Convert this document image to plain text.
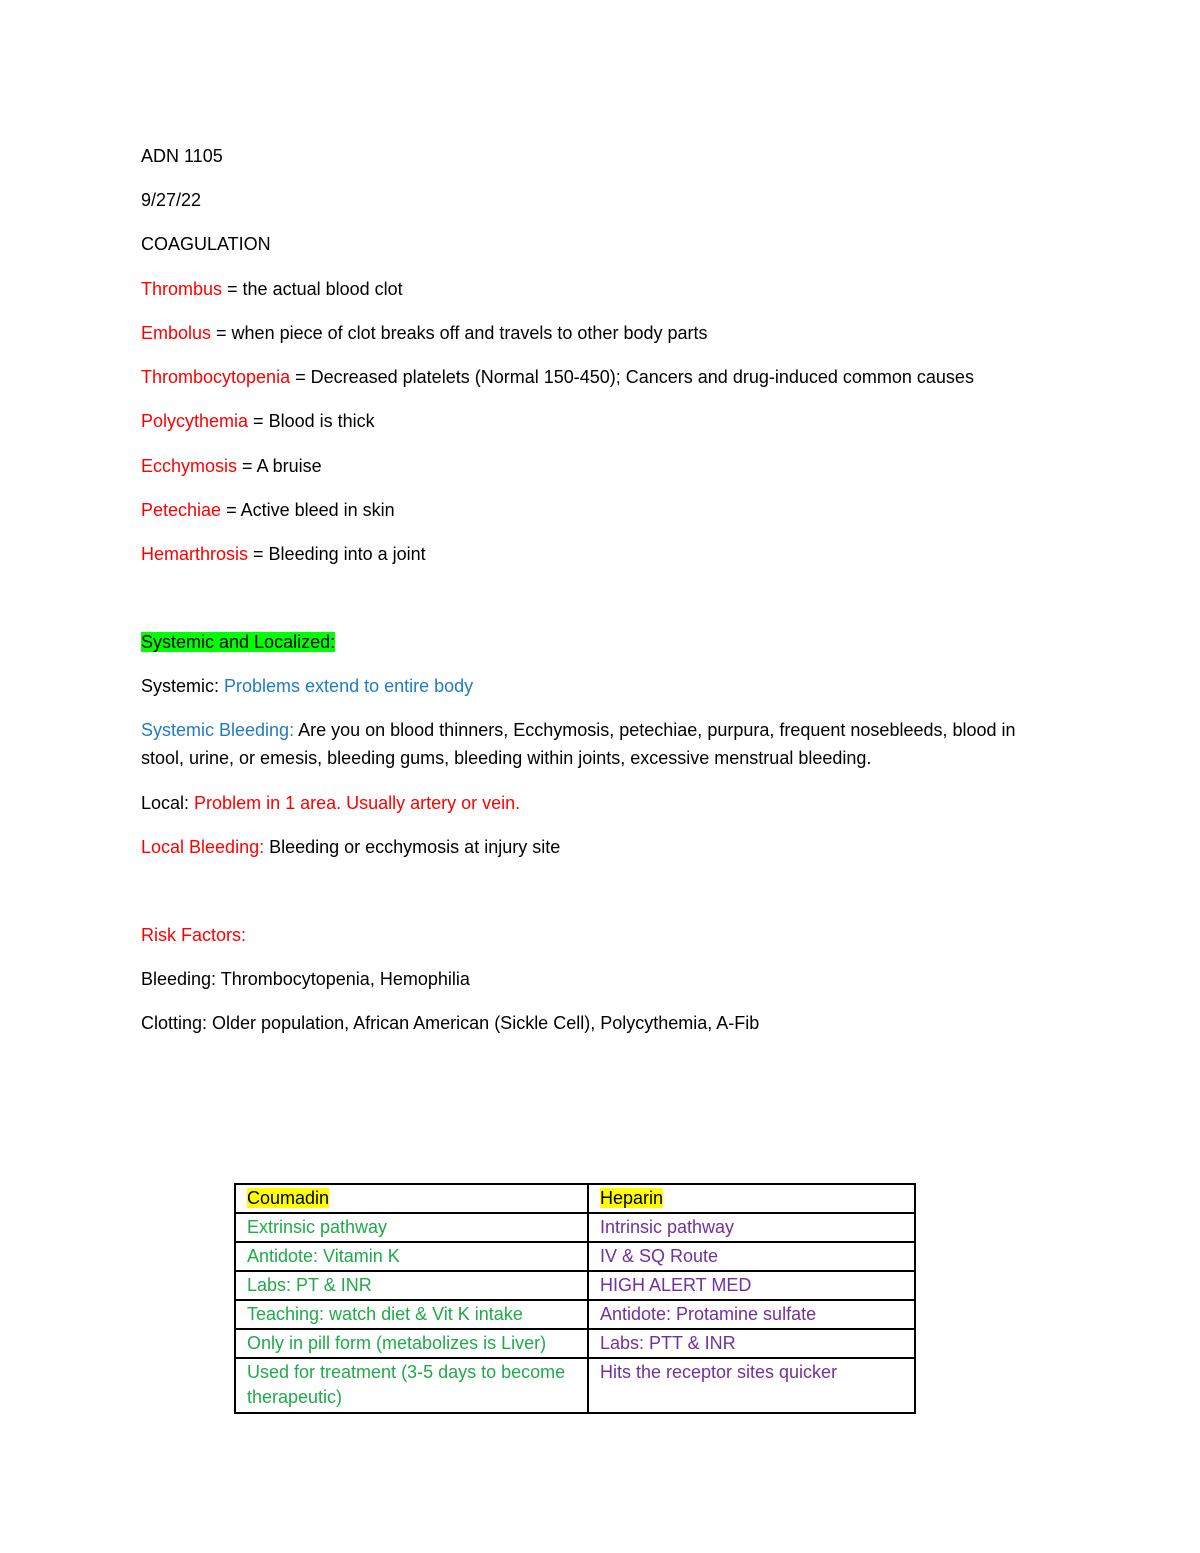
ADN 1105
9/27/22
COAGULATION
Thrombus = the actual blood clot
Embolus = when piece of clot breaks off and travels to other body parts
Thrombocytopenia = Decreased platelets (Normal 150-450); Cancers and drug-induced common causes
Polycythemia = Blood is thick
Ecchymosis = A bruise
Petechiae = Active bleed in skin
Hemarthrosis = Bleeding into a joint
Systemic and Localized:
Systemic: Problems extend to entire body
Systemic Bleeding: Are you on blood thinners, Ecchymosis, petechiae, purpura, frequent nosebleeds, blood in stool, urine, or emesis, bleeding gums, bleeding within joints, excessive menstrual bleeding.
Local: Problem in 1 area. Usually artery or vein.
Local Bleeding: Bleeding or ecchymosis at injury site
Risk Factors:
Bleeding: Thrombocytopenia, Hemophilia
Clotting: Older population, African American (Sickle Cell), Polycythemia, A-Fib
Coumadin	Heparin
Extrinsic pathway	Intrinsic pathway
Antidote: Vitamin K	IV & SQ Route
Labs: PT & INR	HIGH ALERT MED
Teaching: watch diet & Vit K intake	Antidote: Protamine sulfate
Only in pill form (metabolizes is Liver)	Labs: PTT & INR
Used for treatment (3-5 days to become therapeutic)	Hits the receptor sites quicker
